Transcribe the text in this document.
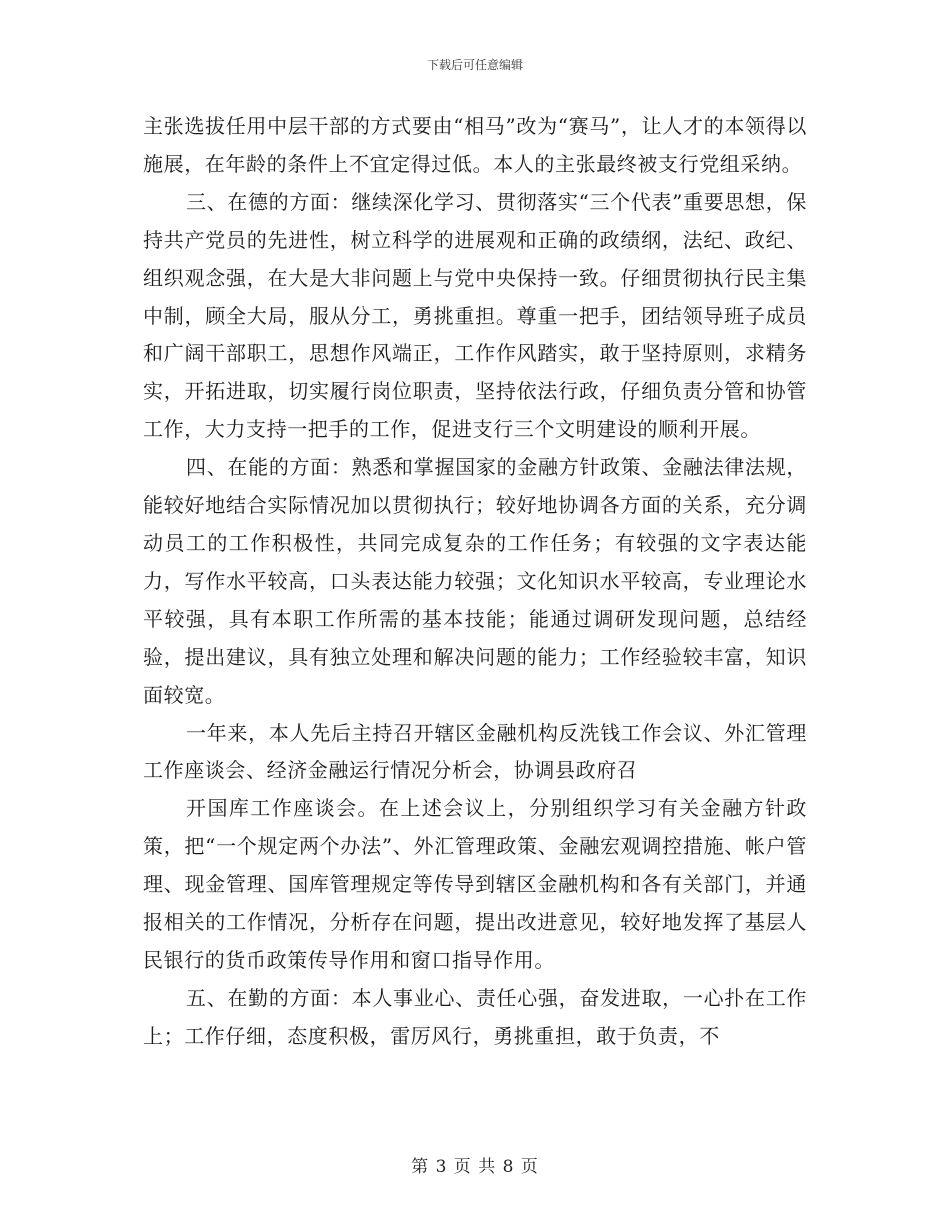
下载后可任意编辑

主张选拔任用中层干部的方式要由“相马”改为“赛马”，让人才的本领得以施展，在年龄的条件上不宜定得过低。本人的主张最终被支行党组采纳。

三、在德的方面：继续深化学习、贯彻落实“三个代表”重要思想，保持共产党员的先进性，树立科学的进展观和正确的政绩纲，法纪、政纪、组织观念强，在大是大非问题上与党中央保持一致。仔细贯彻执行民主集中制，顾全大局，服从分工，勇挑重担。尊重一把手，团结领导班子成员和广阔干部职工，思想作风端正，工作作风踏实，敢于坚持原则，求精务实，开拓进取，切实履行岗位职责，坚持依法行政，仔细负责分管和协管工作，大力支持一把手的工作，促进支行三个文明建设的顺利开展。

四、在能的方面：熟悉和掌握国家的金融方针政策、金融法律法规，能较好地结合实际情况加以贯彻执行；较好地协调各方面的关系，充分调动员工的工作积极性，共同完成复杂的工作任务；有较强的文字表达能力，写作水平较高，口头表达能力较强；文化知识水平较高，专业理论水平较强，具有本职工作所需的基本技能；能通过调研发现问题，总结经验，提出建议，具有独立处理和解决问题的能力；工作经验较丰富，知识面较宽。

一年来，本人先后主持召开辖区金融机构反洗钱工作会议、外汇管理工作座谈会、经济金融运行情况分析会，协调县政府召

开国库工作座谈会。在上述会议上，分别组织学习有关金融方针政策，把“一个规定两个办法”、外汇管理政策、金融宏观调控措施、帐户管理、现金管理、国库管理规定等传导到辖区金融机构和各有关部门，并通报相关的工作情况，分析存在问题，提出改进意见，较好地发挥了基层人民银行的货币政策传导作用和窗口指导作用。

五、在勤的方面：本人事业心、责任心强，奋发进取，一心扑在工作上；工作仔细，态度积极，雷厉风行，勇挑重担，敢于负责，不

第 3 页 共 8 页
